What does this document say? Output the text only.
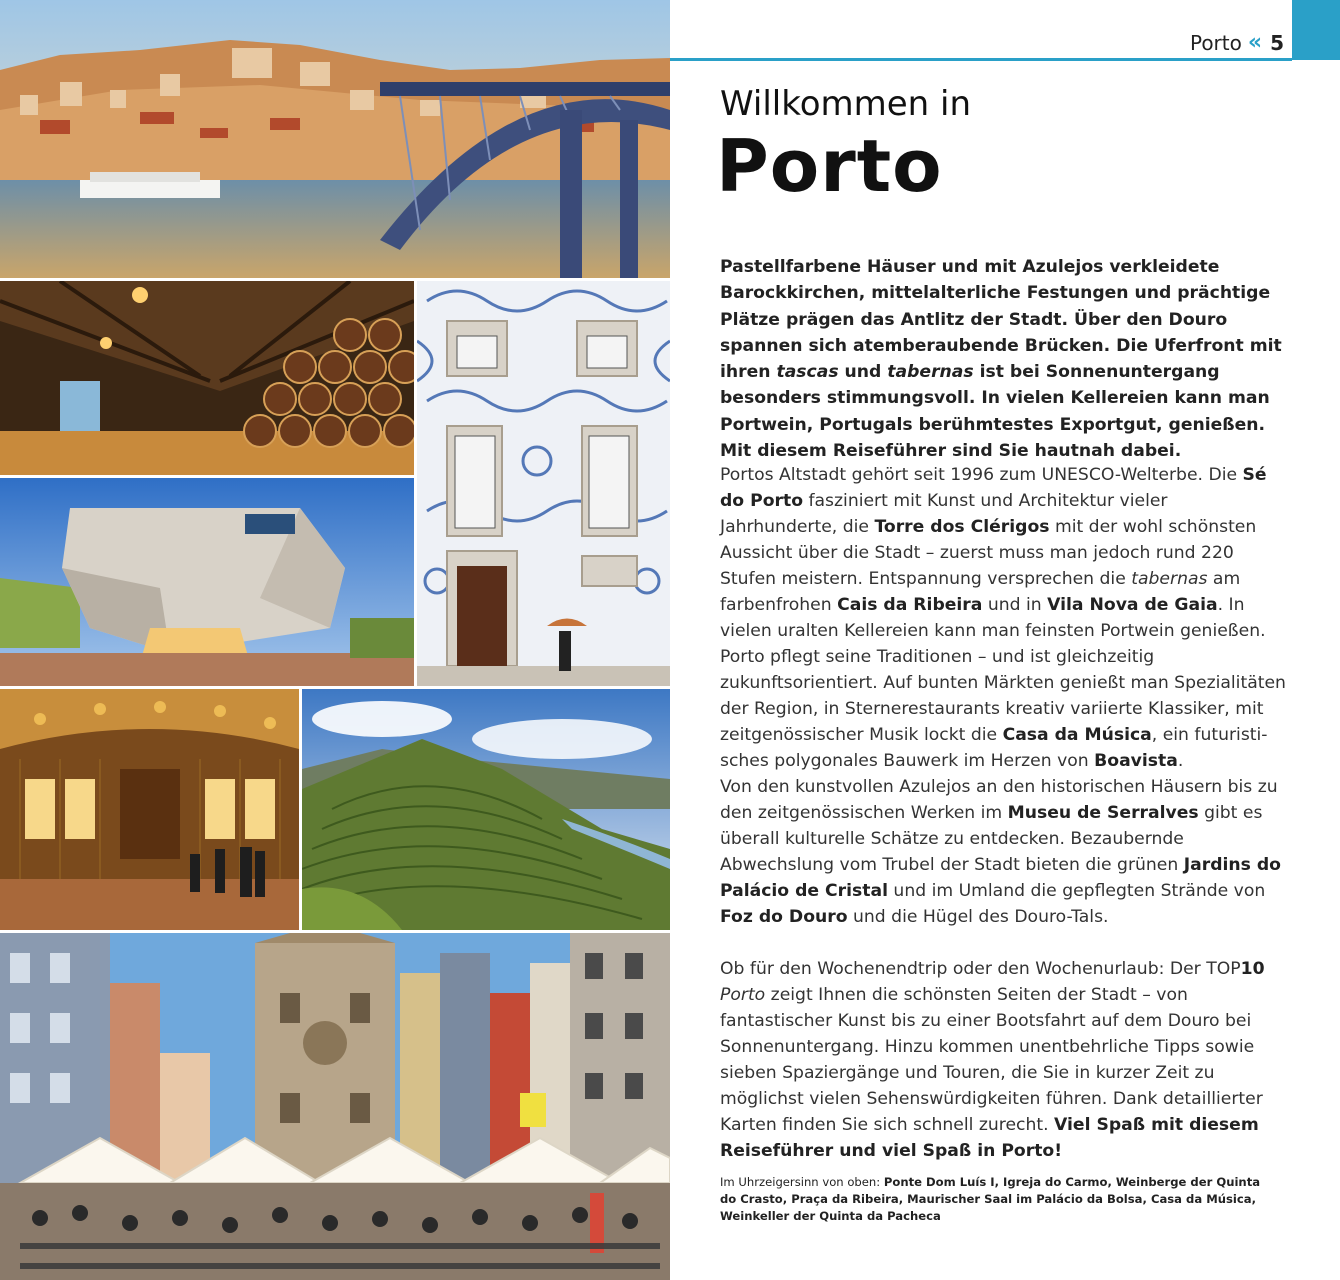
Porto « 5
Willkommen in
Porto
Pastellfarbene Häuser und mit Azulejos verkleidete Barockkirchen, mittelalterliche Festungen und prächtige Plätze prägen das Antlitz der Stadt. Über den Douro spannen sich atemberaubende Brücken. Die Uferfront mit ihren tascas und tabernas ist bei Sonnenuntergang besonders stimmungsvoll. In vielen Kellereien kann man Portwein, Portugals berühmtestes Exportgut, genießen. Mit diesem Reiseführer sind Sie hautnah dabei.
Portos Altstadt gehört seit 1996 zum UNESCO-Welterbe. Die Sé do Porto fasziniert mit Kunst und Architektur vieler Jahrhunderte, die Torre dos Clérigos mit der wohl schönsten Aussicht über die Stadt – zuerst muss man jedoch rund 220 Stufen meistern. Entspannung versprechen die tabernas am farbenfrohen Cais da Ribeira und in Vila Nova de Gaia. In vielen uralten Kellereien kann man feinsten Portwein genießen. Porto pflegt seine Traditionen – und ist gleichzeitig zukunftsorientiert. Auf bunten Märkten genießt man Spezialitäten der Region, in Sternerestaurants kreativ variierte Klassiker, mit zeitgenössischer Musik lockt die Casa da Música, ein futuristisches polygonales Bauwerk im Herzen von Boavista.
Von den kunstvollen Azulejos an den historischen Häusern bis zu den zeitgenössischen Werken im Museu de Serralves gibt es überall kulturelle Schätze zu entdecken. Bezaubernde Abwechslung vom Trubel der Stadt bieten die grünen Jardins do Palácio de Cristal und im Umland die gepflegten Strände von Foz do Douro und die Hügel des Douro-Tals.
Ob für den Wochenendtrip oder den Wochenurlaub: Der TOP10 Porto zeigt Ihnen die schönsten Seiten der Stadt – von fantastischer Kunst bis zu einer Bootsfahrt auf dem Douro bei Sonnenuntergang. Hinzu kommen unentbehrliche Tipps sowie sieben Spaziergänge und Touren, die Sie in kurzer Zeit zu möglichst vielen Sehenswürdigkeiten führen. Dank detaillierter Karten finden Sie sich schnell zurecht. Viel Spaß mit diesem Reiseführer und viel Spaß in Porto!
Im Uhrzeigersinn von oben: Ponte Dom Luís I, Igreja do Carmo, Weinberge der Quinta do Crasto, Praça da Ribeira, Maurischer Saal im Palácio da Bolsa, Casa da Música, Weinkeller der Quinta da Pacheca
